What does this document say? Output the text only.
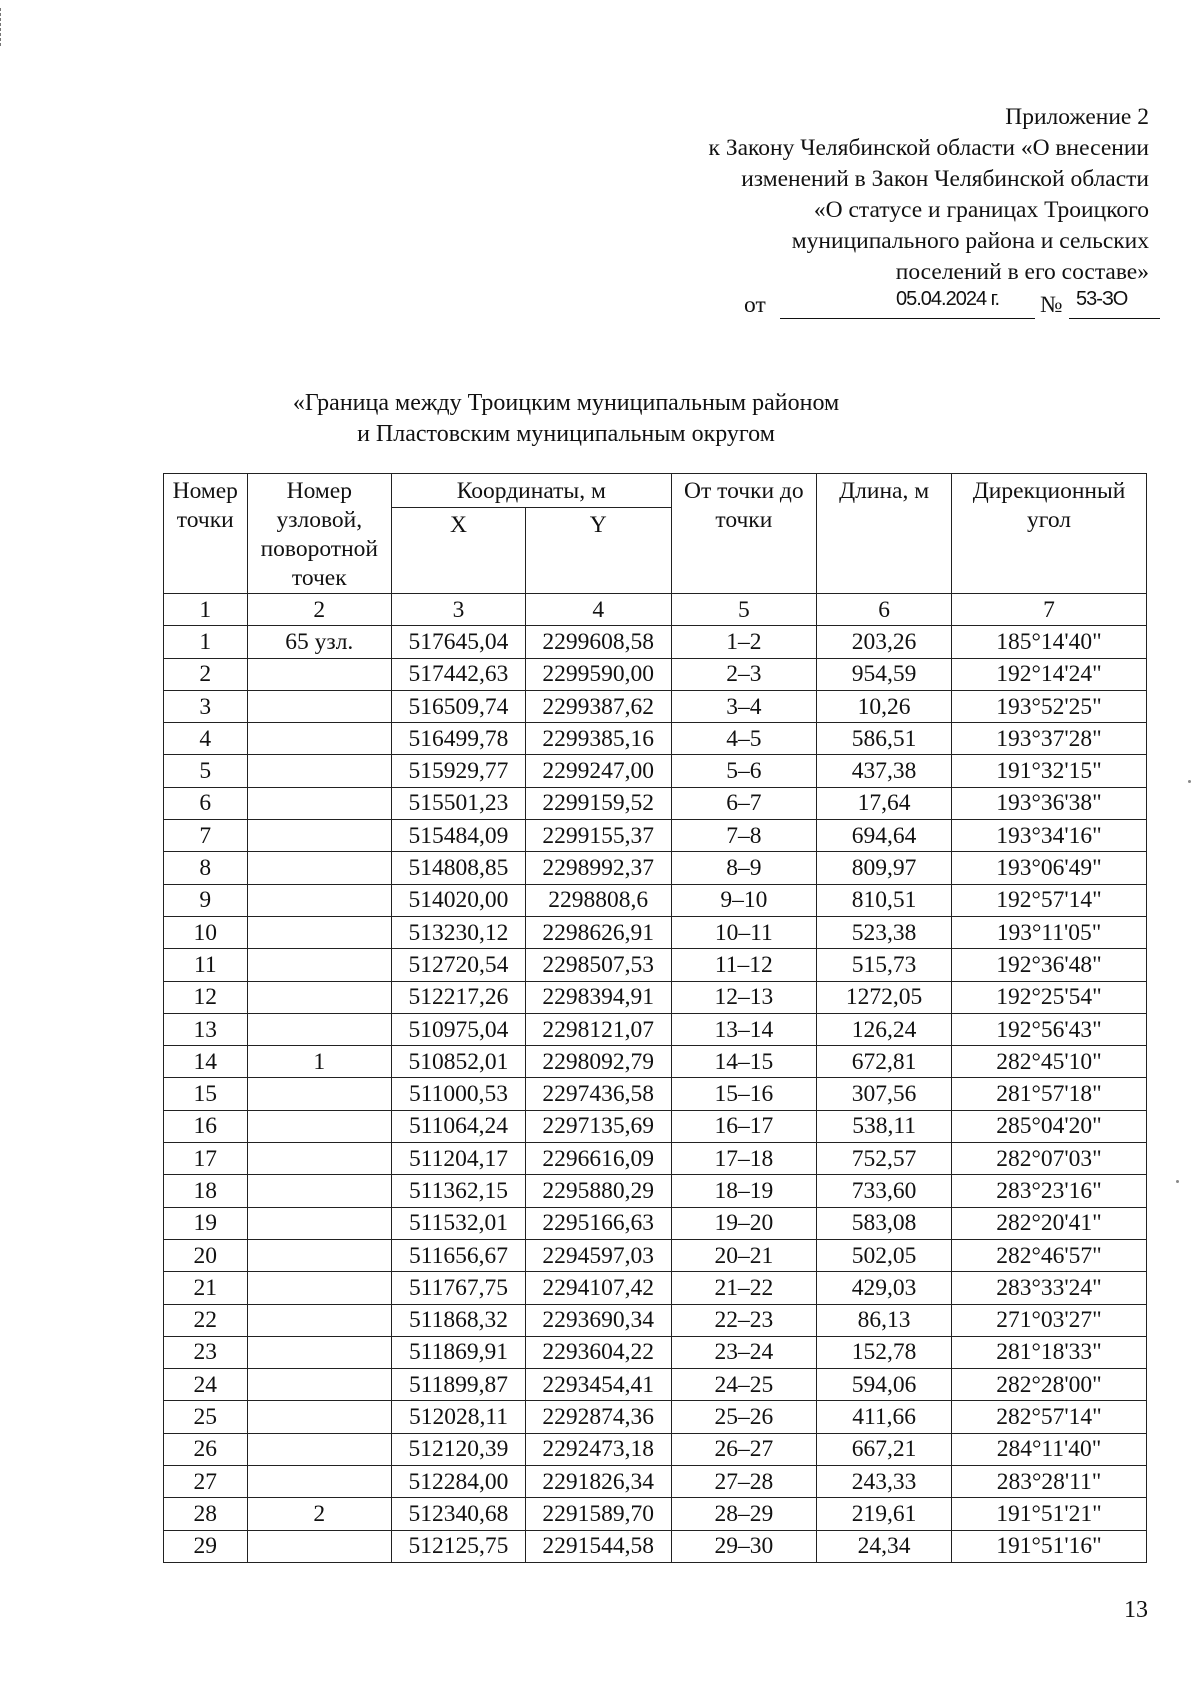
Приложение 2
к Закону Челябинской области «О внесении
изменений в Закон Челябинской области
«О статусе и границах Троицкого
муниципального района и сельских
поселений в его составе»
от	05.04.2024 г. № 53-ЗО
«Граница между Троицким муниципальным районом
и Пластовским муниципальным округом
Номер точки	Номер узловой, поворотной точек	Координаты, м		От точки до точки	Длина, м	Дирекционный угол
		X	Y			
1	2	3	4	5	6	7
1	65 узл.	517645,04	2299608,58	1–2	203,26	185°14'40"
2		517442,63	2299590,00	2–3	954,59	192°14'24"
3		516509,74	2299387,62	3–4	10,26	193°52'25"
4		516499,78	2299385,16	4–5	586,51	193°37'28"
5		515929,77	2299247,00	5–6	437,38	191°32'15"
6		515501,23	2299159,52	6–7	17,64	193°36'38"
7		515484,09	2299155,37	7–8	694,64	193°34'16"
8		514808,85	2298992,37	8–9	809,97	193°06'49"
9		514020,00	2298808,6	9–10	810,51	192°57'14"
10		513230,12	2298626,91	10–11	523,38	193°11'05"
11		512720,54	2298507,53	11–12	515,73	192°36'48"
12		512217,26	2298394,91	12–13	1272,05	192°25'54"
13		510975,04	2298121,07	13–14	126,24	192°56'43"
14	1	510852,01	2298092,79	14–15	672,81	282°45'10"
15		511000,53	2297436,58	15–16	307,56	281°57'18"
16		511064,24	2297135,69	16–17	538,11	285°04'20"
17		511204,17	2296616,09	17–18	752,57	282°07'03"
18		511362,15	2295880,29	18–19	733,60	283°23'16"
19		511532,01	2295166,63	19–20	583,08	282°20'41"
20		511656,67	2294597,03	20–21	502,05	282°46'57"
21		511767,75	2294107,42	21–22	429,03	283°33'24"
22		511868,32	2293690,34	22–23	86,13	271°03'27"
23		511869,91	2293604,22	23–24	152,78	281°18'33"
24		511899,87	2293454,41	24–25	594,06	282°28'00"
25		512028,11	2292874,36	25–26	411,66	282°57'14"
26		512120,39	2292473,18	26–27	667,21	284°11'40"
27		512284,00	2291826,34	27–28	243,33	283°28'11"
28	2	512340,68	2291589,70	28–29	219,61	191°51'21"
29		512125,75	2291544,58	29–30	24,34	191°51'16"
13
